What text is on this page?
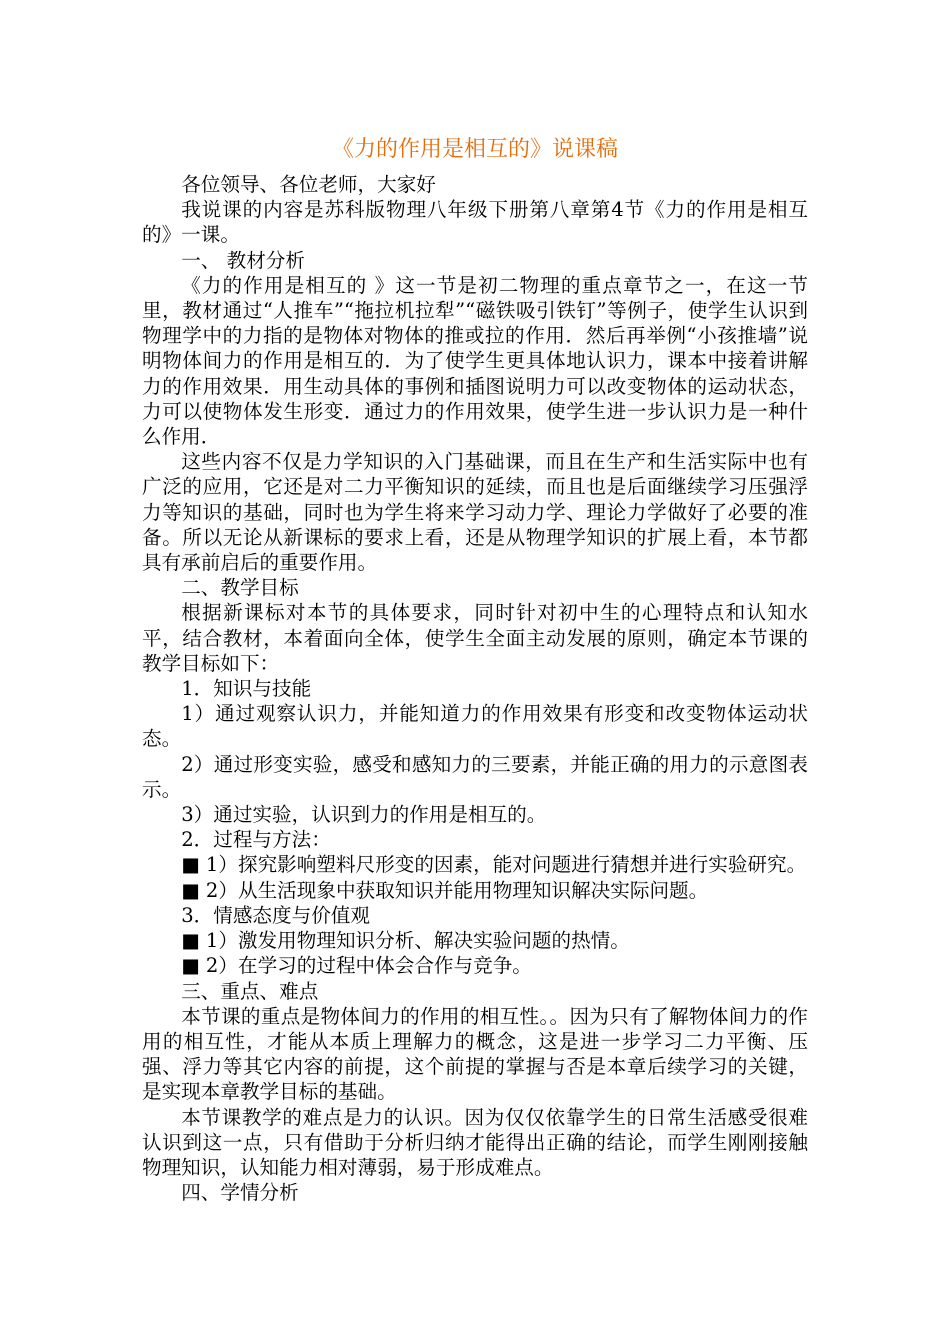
《力的作用是相互的》说课稿

各位领导、各位老师，大家好

我说课的内容是苏科版物理八年级下册第八章第4节《力的作用是相互的》一课。

一、 教材分析

《力的作用是相互的 》这一节是初二物理的重点章节之一，在这一节里，教材通过“人推车”“拖拉机拉犁”“磁铁吸引铁钉”等例子，使学生认识到物理学中的力指的是物体对物体的推或拉的作用．然后再举例“小孩推墙”说明物体间力的作用是相互的．为了使学生更具体地认识力，课本中接着讲解力的作用效果．用生动具体的事例和插图说明力可以改变物体的运动状态，力可以使物体发生形变．通过力的作用效果，使学生进一步认识力是一种什么作用．

这些内容不仅是力学知识的入门基础课，而且在生产和生活实际中也有广泛的应用，它还是对二力平衡知识的延续，而且也是后面继续学习压强浮力等知识的基础，同时也为学生将来学习动力学、理论力学做好了必要的准备。所以无论从新课标的要求上看，还是从物理学知识的扩展上看，本节都具有承前启后的重要作用。

二、教学目标

根据新课标对本节的具体要求，同时针对初中生的心理特点和认知水平，结合教材，本着面向全体，使学生全面主动发展的原则，确定本节课的教学目标如下：

1．知识与技能

1）通过观察认识力，并能知道力的作用效果有形变和改变物体运动状态。

2）通过形变实验，感受和感知力的三要素，并能正确的用力的示意图表示。

3）通过实验，认识到力的作用是相互的。

2．过程与方法：

■ 1）探究影响塑料尺形变的因素，能对问题进行猜想并进行实验研究。

■ 2）从生活现象中获取知识并能用物理知识解决实际问题。

3．情感态度与价值观

■ 1）激发用物理知识分析、解决实验问题的热情。

■ 2）在学习的过程中体会合作与竞争。

三、重点、难点

本节课的重点是物体间力的作用的相互性。。因为只有了解物体间力的作用的相互性，才能从本质上理解力的概念，这是进一步学习二力平衡、压强、浮力等其它内容的前提，这个前提的掌握与否是本章后续学习的关键，是实现本章教学目标的基础。

本节课教学的难点是力的认识。因为仅仅依靠学生的日常生活感受很难认识到这一点，只有借助于分析归纳才能得出正确的结论，而学生刚刚接触物理知识，认知能力相对薄弱，易于形成难点。

四、学情分析
